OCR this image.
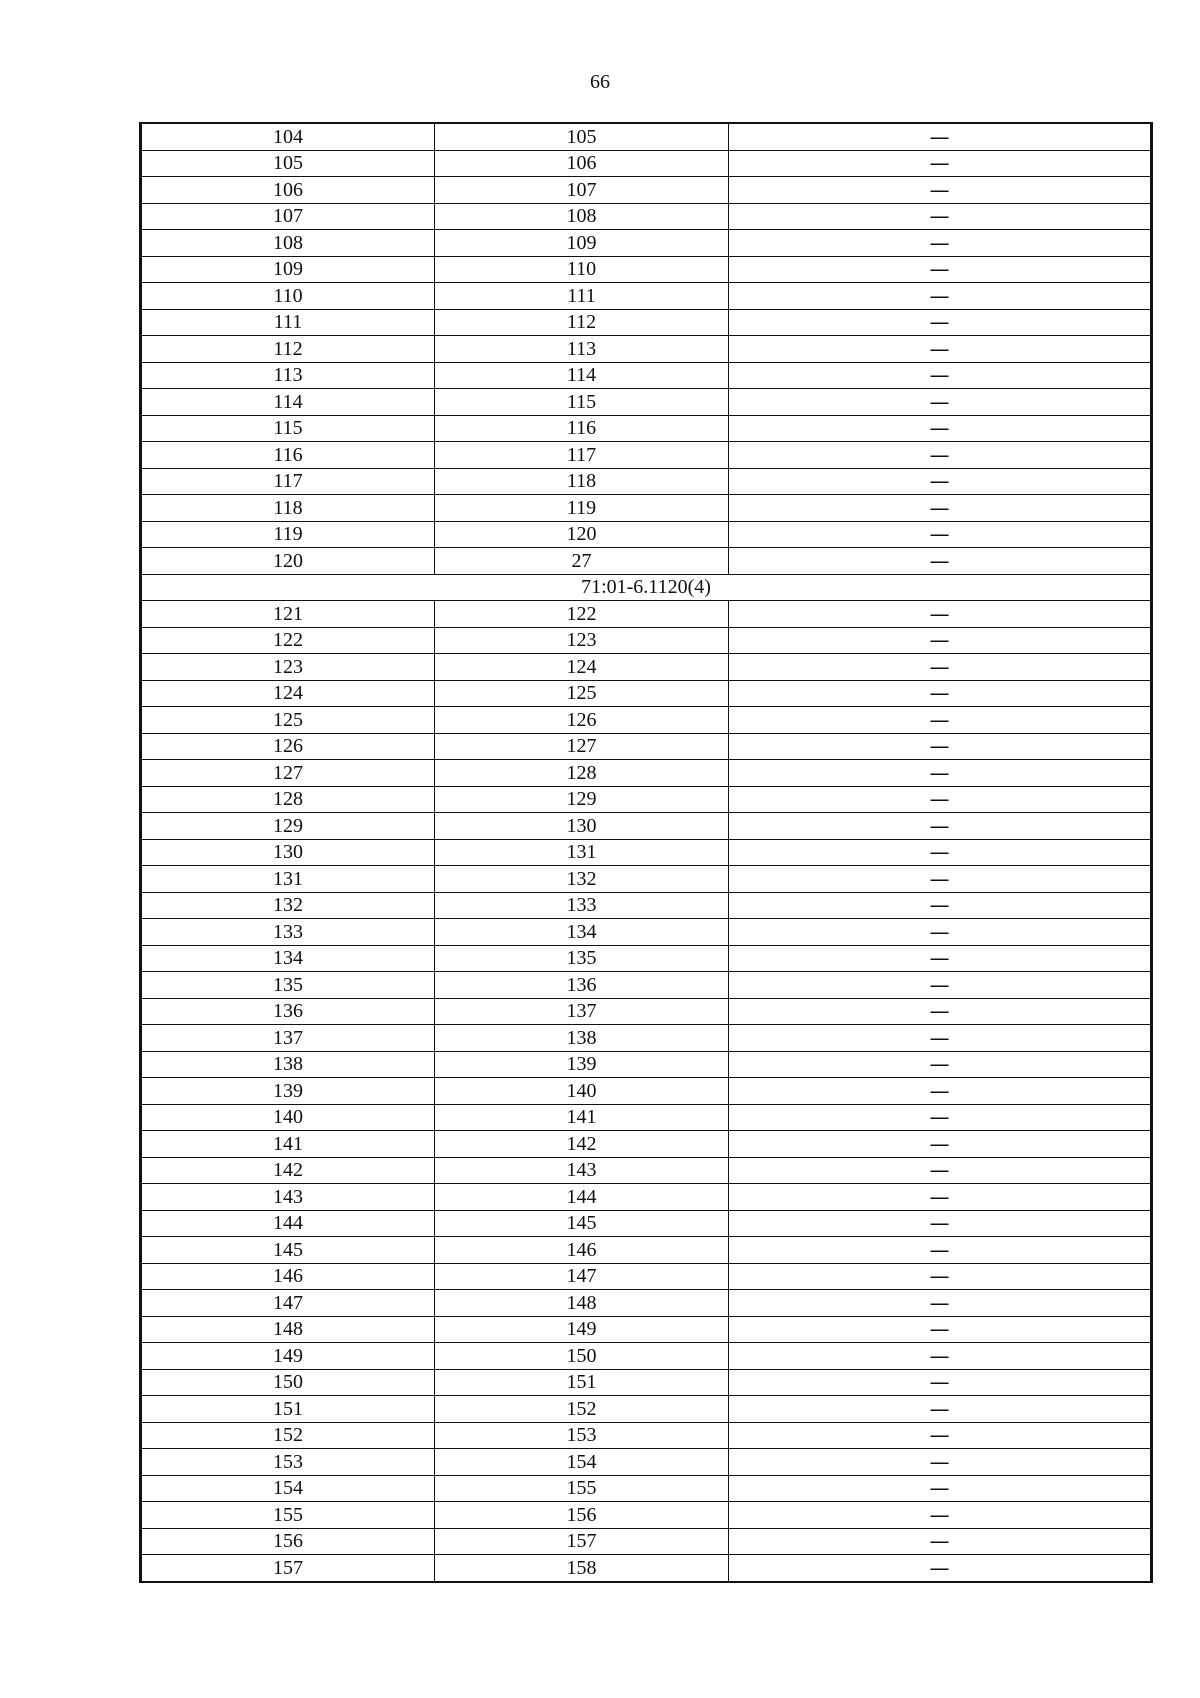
66
104	105	—
105	106	—
106	107	—
107	108	—
108	109	—
109	110	—
110	111	—
111	112	—
112	113	—
113	114	—
114	115	—
115	116	—
116	117	—
117	118	—
118	119	—
119	120	—
120	27	—
71:01-6.1120(4)		
121	122	—
122	123	—
123	124	—
124	125	—
125	126	—
126	127	—
127	128	—
128	129	—
129	130	—
130	131	—
131	132	—
132	133	—
133	134	—
134	135	—
135	136	—
136	137	—
137	138	—
138	139	—
139	140	—
140	141	—
141	142	—
142	143	—
143	144	—
144	145	—
145	146	—
146	147	—
147	148	—
148	149	—
149	150	—
150	151	—
151	152	—
152	153	—
153	154	—
154	155	—
155	156	—
156	157	—
157	158	—
